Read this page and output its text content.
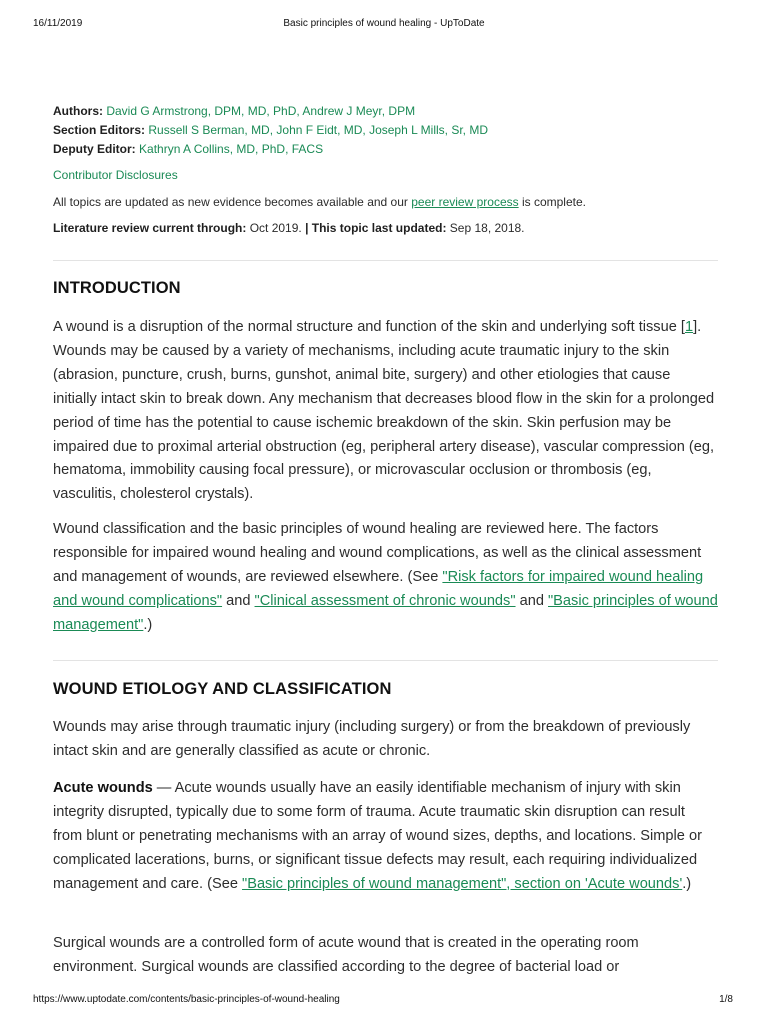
16/11/2019	Basic principles of wound healing - UpToDate
Authors: David G Armstrong, DPM, MD, PhD, Andrew J Meyr, DPM
Section Editors: Russell S Berman, MD, John F Eidt, MD, Joseph L Mills, Sr, MD
Deputy Editor: Kathryn A Collins, MD, PhD, FACS
Contributor Disclosures
All topics are updated as new evidence becomes available and our peer review process is complete.
Literature review current through: Oct 2019. | This topic last updated: Sep 18, 2018.
INTRODUCTION

A wound is a disruption of the normal structure and function of the skin and underlying soft tissue [1]. Wounds may be caused by a variety of mechanisms, including acute traumatic injury to the skin (abrasion, puncture, crush, burns, gunshot, animal bite, surgery) and other etiologies that cause initially intact skin to break down. Any mechanism that decreases blood flow in the skin for a prolonged period of time has the potential to cause ischemic breakdown of the skin. Skin perfusion may be impaired due to proximal arterial obstruction (eg, peripheral artery disease), vascular compression (eg, hematoma, immobility causing focal pressure), or microvascular occlusion or thrombosis (eg, vasculitis, cholesterol crystals).

Wound classification and the basic principles of wound healing are reviewed here. The factors responsible for impaired wound healing and wound complications, as well as the clinical assessment and management of wounds, are reviewed elsewhere. (See "Risk factors for impaired wound healing and wound complications" and "Clinical assessment of chronic wounds" and "Basic principles of wound management".)

WOUND ETIOLOGY AND CLASSIFICATION

Wounds may arise through traumatic injury (including surgery) or from the breakdown of previously intact skin and are generally classified as acute or chronic.

Acute wounds — Acute wounds usually have an easily identifiable mechanism of injury with skin integrity disrupted, typically due to some form of trauma. Acute traumatic skin disruption can result from blunt or penetrating mechanisms with an array of wound sizes, depths, and locations. Simple or complicated lacerations, burns, or significant tissue defects may result, each requiring individualized management and care. (See "Basic principles of wound management", section on 'Acute wounds'.)

Surgical wounds are a controlled form of acute wound that is created in the operating room environment. Surgical wounds are classified according to the degree of bacterial load or

https://www.uptodate.com/contents/basic-principles-of-wound-healing	1/8
